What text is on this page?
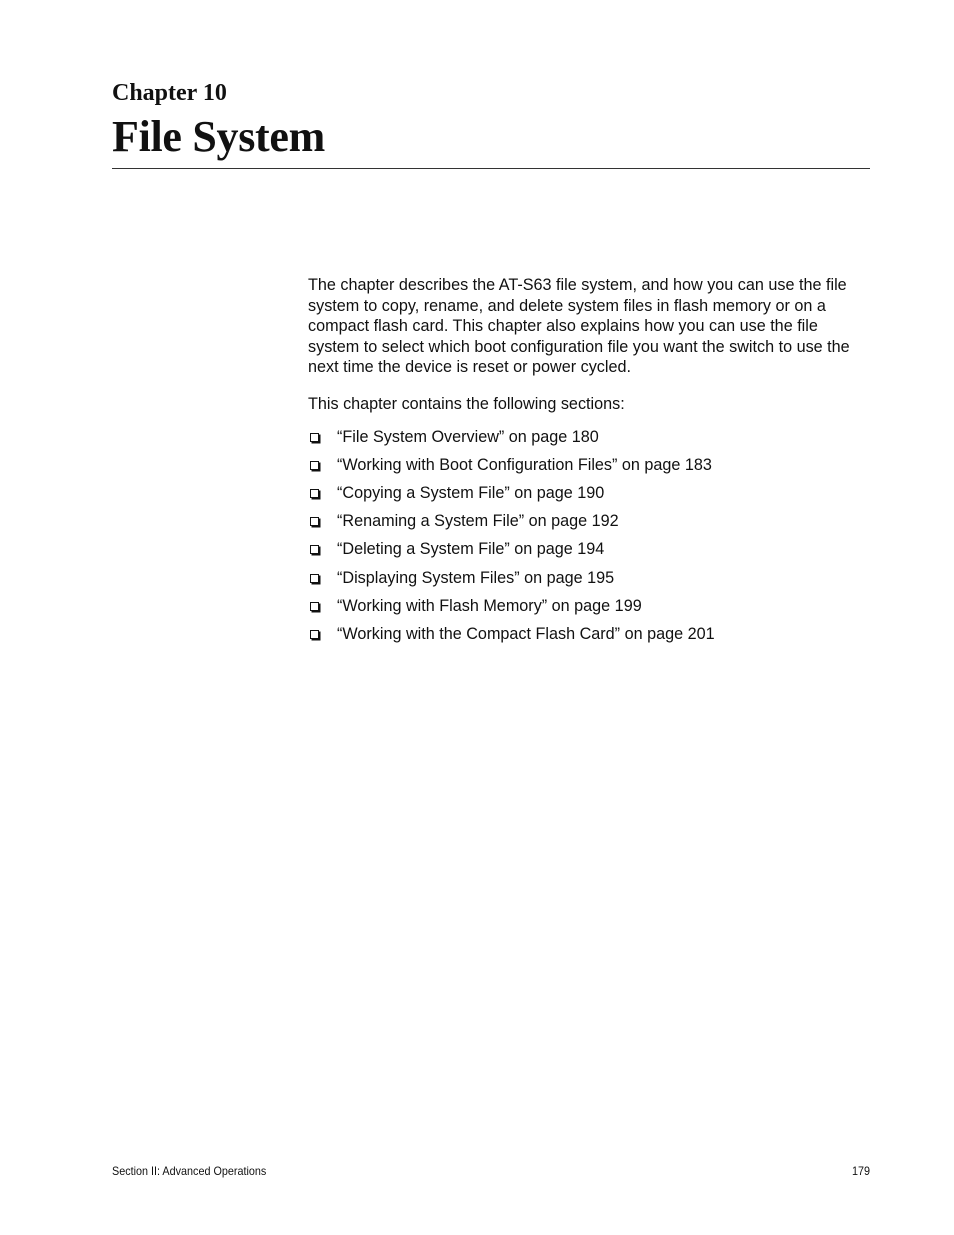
Chapter 10
File System

The chapter describes the AT-S63 file system, and how you can use the file system to copy, rename, and delete system files in flash memory or on a compact flash card. This chapter also explains how you can use the file system to select which boot configuration file you want the switch to use the next time the device is reset or power cycled.

This chapter contains the following sections:

“File System Overview” on page 180
“Working with Boot Configuration Files” on page 183
“Copying a System File” on page 190
“Renaming a System File” on page 192
“Deleting a System File” on page 194
“Displaying System Files” on page 195
“Working with Flash Memory” on page 199
“Working with the Compact Flash Card” on page 201
Section II: Advanced Operations	179
